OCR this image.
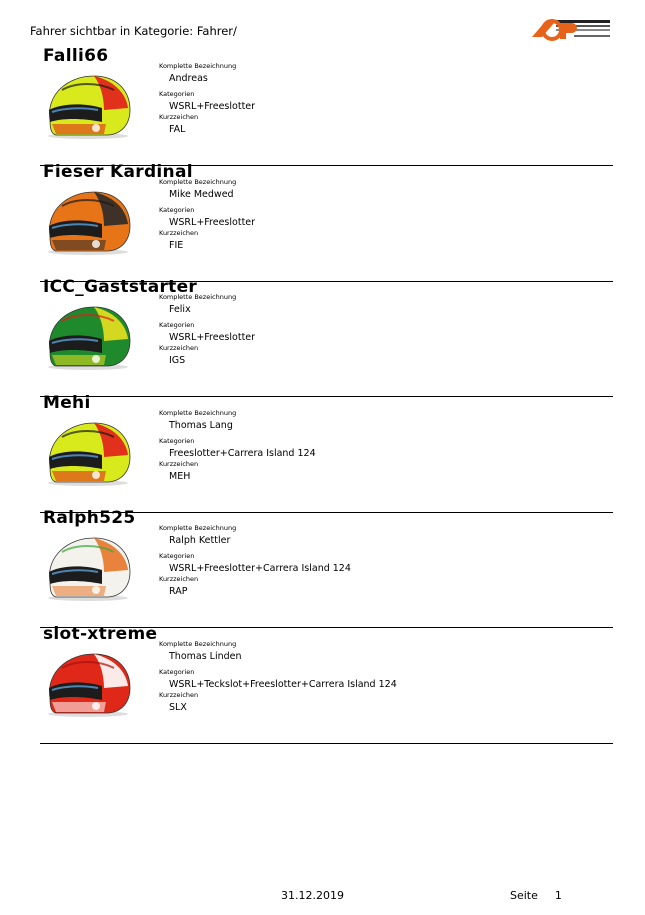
Fahrer sichtbar in Kategorie: Fahrer/
Falli66	Komplette Bezeichnung
Andreas
Kategorien
WSRL+Freeslotter
Kurzzeichen
FAL
Fieser Kardinal
Komplette Bezeichnung
Mike Medwed
Kategorien
WSRL+Freeslotter
Kurzzeichen
FIE
ICC_Gaststarter
Komplette Bezeichnung
Felix
Kategorien
WSRL+Freeslotter
Kurzzeichen
IGS
Mehi	Komplette Bezeichnung
Thomas Lang
Kategorien
Freeslotter+Carrera Island 124
Kurzzeichen
MEH
Ralph525	Komplette Bezeichnung
Ralph Kettler
Kategorien
WSRL+Freeslotter+Carrera Island 124
Kurzzeichen
RAP
slot-xtreme Komplette Bezeichnung
Thomas Linden
Kategorien
WSRL+Teckslot+Freeslotter+Carrera Island 124
Kurzzeichen
SLX
31.12.2019	Seite 1
